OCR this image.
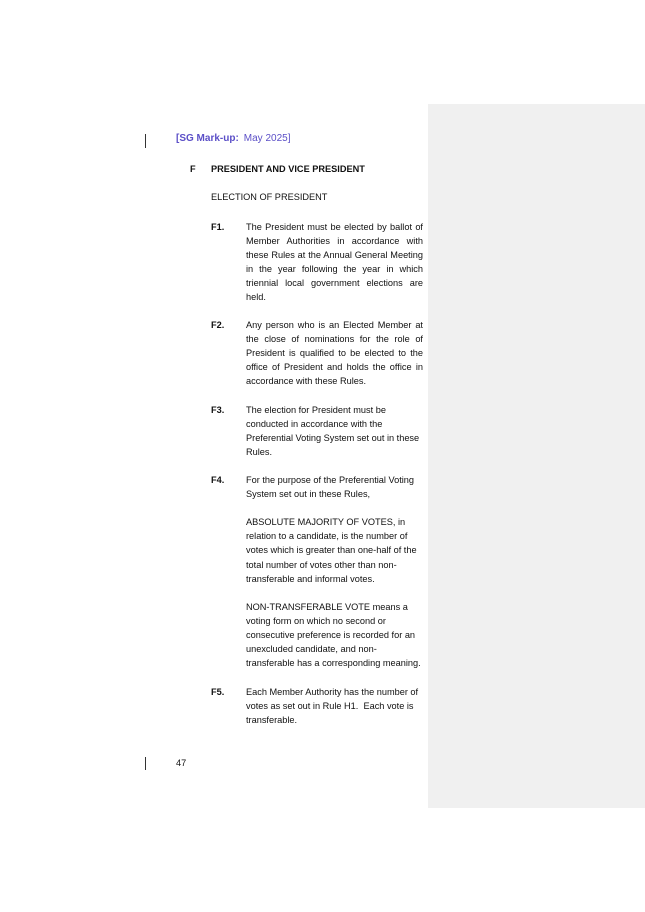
[SG Mark-up: May 2025]
F PRESIDENT AND VICE PRESIDENT
ELECTION OF PRESIDENT
F1. The President must be elected by ballot of Member Authorities in accordance with these Rules at the Annual General Meeting in the year following the year in which triennial local government elections are held.

F2. Any person who is an Elected Member at the close of nominations for the role of President is qualified to be elected to the office of President and holds the office in accordance with these Rules.

F3. The election for President must be conducted in accordance with the Preferential Voting System set out in these Rules.

F4. For the purpose of the Preferential Voting System set out in these Rules,

ABSOLUTE MAJORITY OF VOTES, in relation to a candidate, is the number of votes which is greater than one-half of the total number of votes other than non-transferable and informal votes.

NON-TRANSFERABLE VOTE means a voting form on which no second or consecutive preference is recorded for an unexcluded candidate, and non-transferable has a corresponding meaning.

F5. Each Member Authority has the number of votes as set out in Rule H1.  Each vote is transferable.

47
